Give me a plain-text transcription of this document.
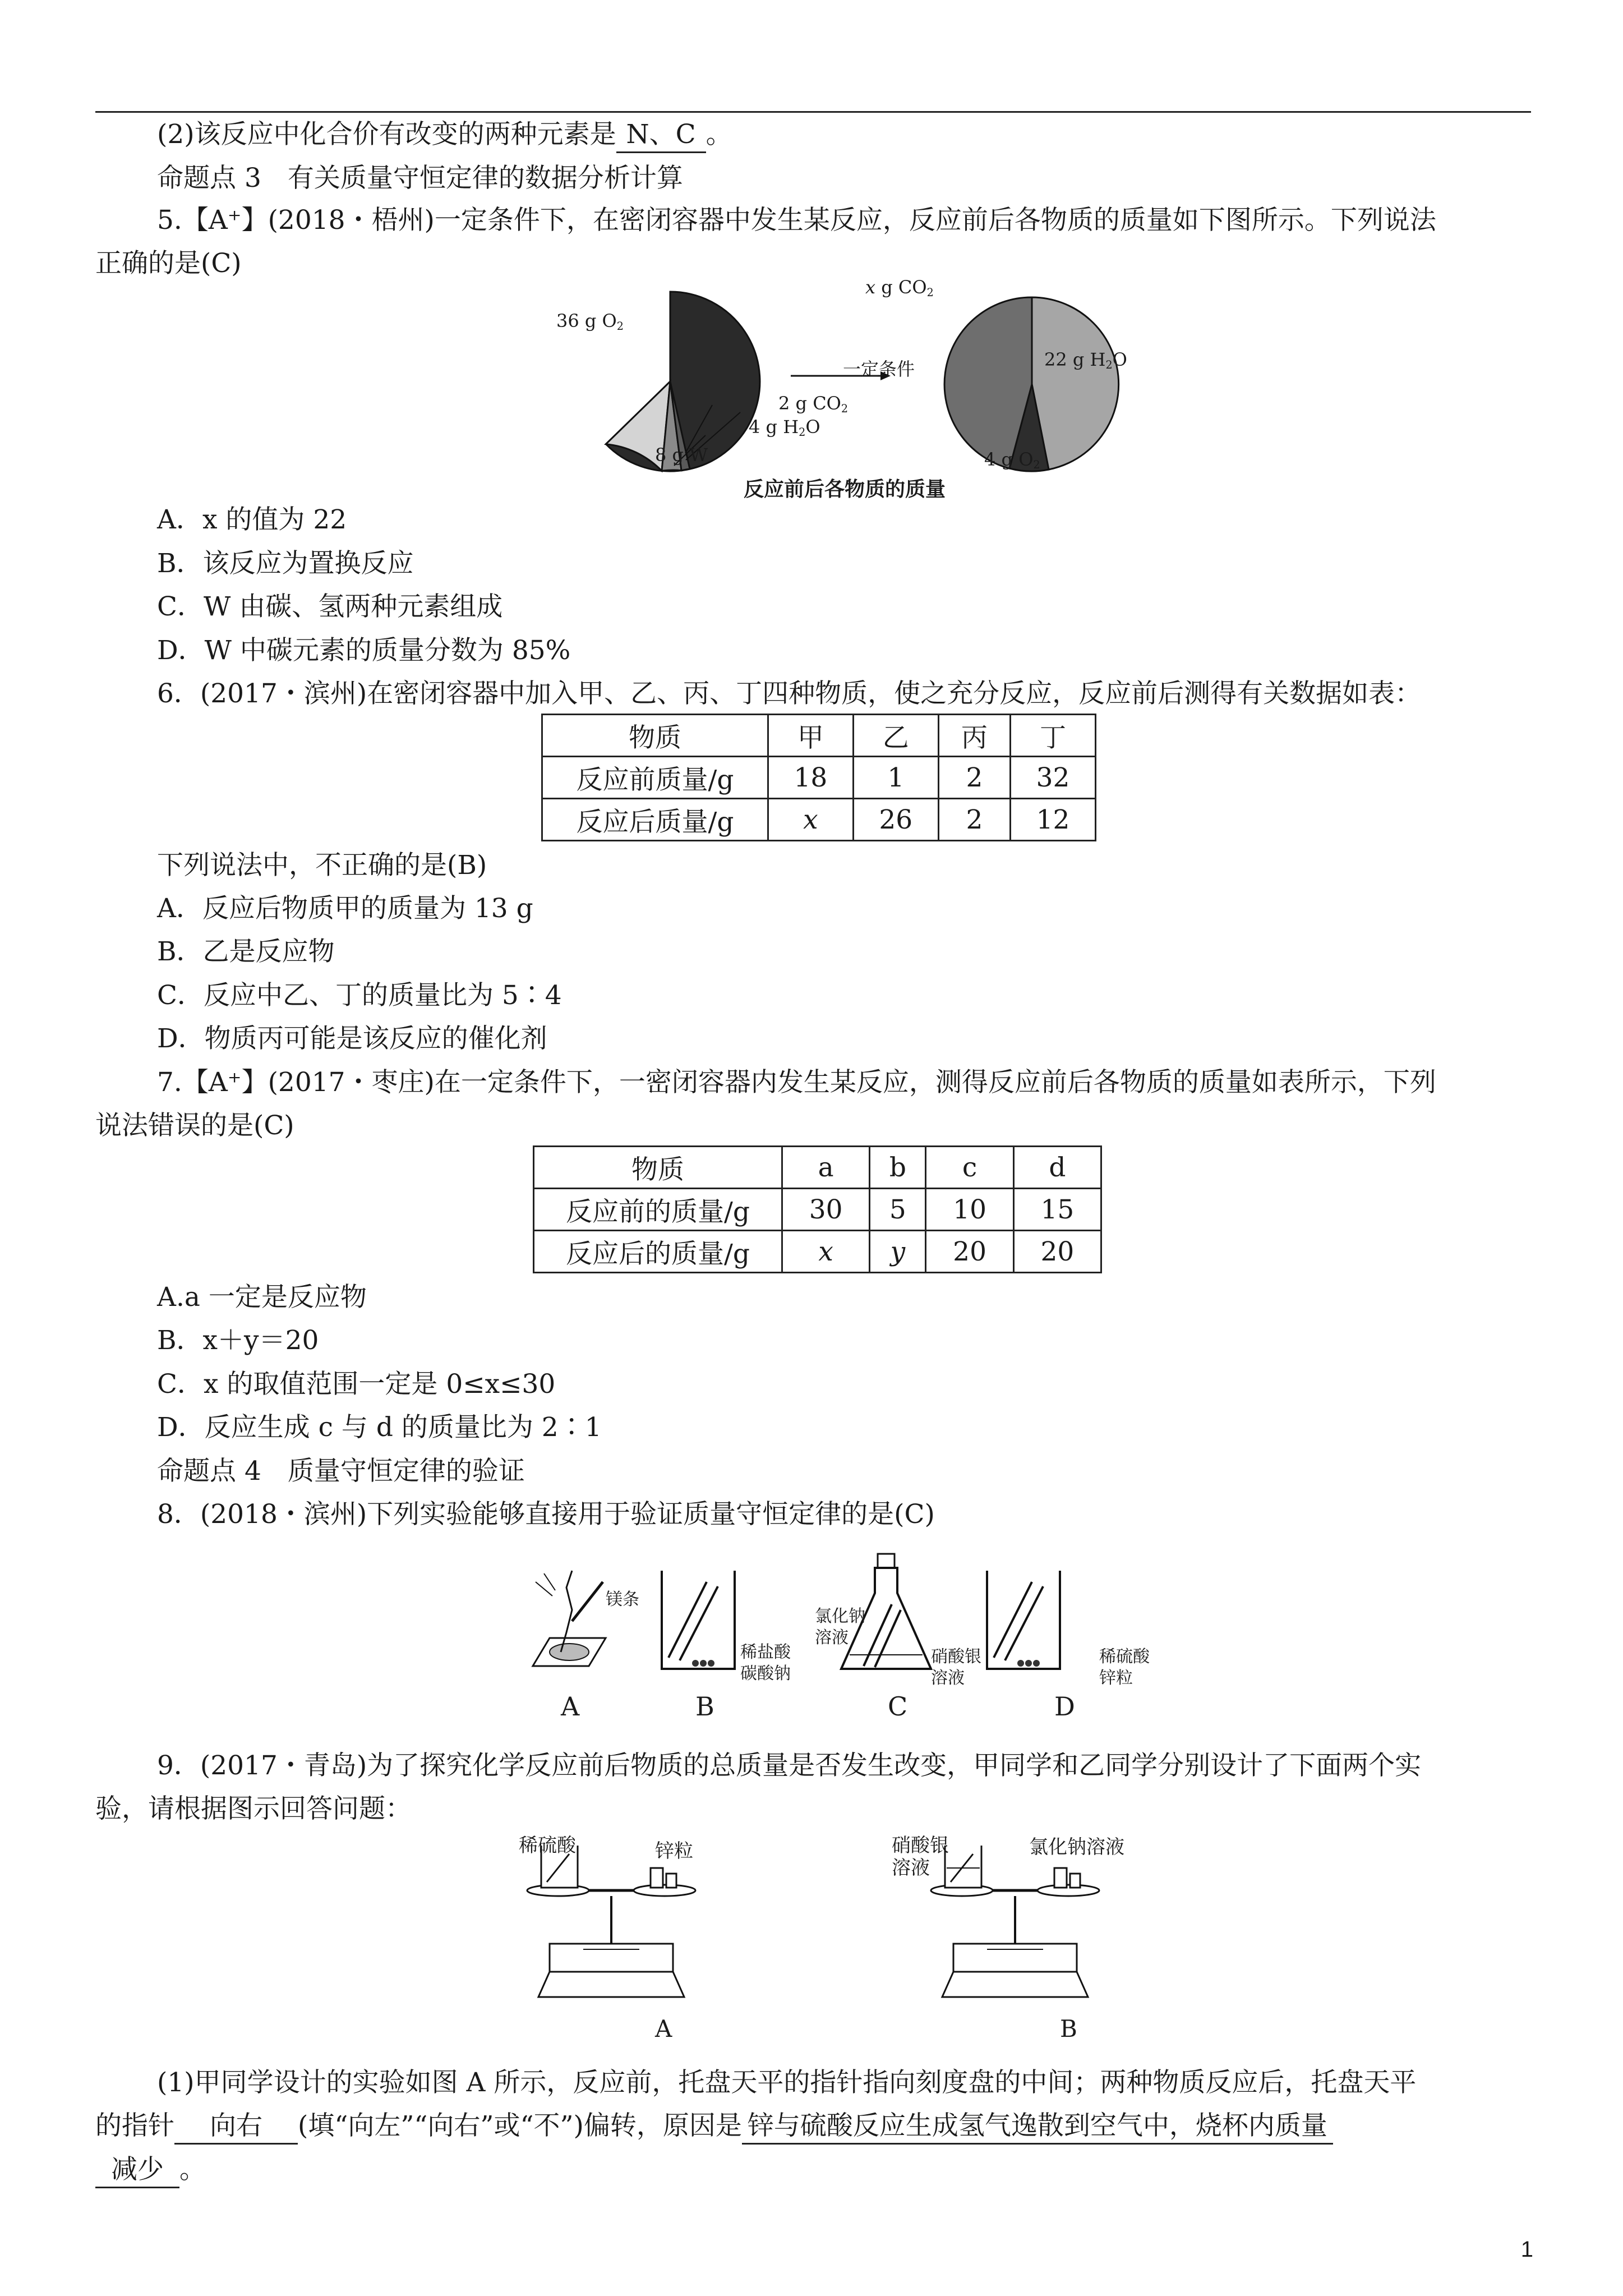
(2)该反应中化合价有改变的两种元素是 N、C 。
命题点 3　有关质量守恒定律的数据分析计算
5.【A⁺】(2018・梧州)一定条件下，在密闭容器中发生某反应，反应前后各物质的质量如下图所示。下列说法
正确的是(C)
36 g $O_2$
2 g $CO_2$
4 g $H_2O$
8 g W
一定条件
x g $CO_2$
22 g $H_2O$
4 g $O_2$
反应前后各物质的质量
A．x 的值为 22
B．该反应为置换反应
C．W 由碳、氢两种元素组成
D．W 中碳元素的质量分数为 85%
6．(2017・滨州)在密闭容器中加入甲、乙、丙、丁四种物质，使之充分反应，反应前后测得有关数据如表：
物质	甲	乙	丙	丁
反应前质量/g	18	1	2	32
反应后质量/g	x	26	2	12
下列说法中，不正确的是(B)
A．反应后物质甲的质量为 13 g
B．乙是反应物
C．反应中乙、丁的质量比为 5∶4
D．物质丙可能是该反应的催化剂
7.【A⁺】(2017・枣庄)在一定条件下，一密闭容器内发生某反应，测得反应前后各物质的质量如表所示，下列
说法错误的是(C)
物质	a	b	c	d
反应前的质量/g	30	5	10	15
反应后的质量/g	x	y	20	20
A.a 一定是反应物
B．x＋y＝20
C．x 的取值范围一定是 0≤x≤30
D．反应生成 c 与 d 的质量比为 2∶1
命题点 4　质量守恒定律的验证
8．(2018・滨州)下列实验能够直接用于验证质量守恒定律的是(C)
镁条
稀盐酸
碳酸钠
氯化钠
溶液
硝酸银
溶液
稀硫酸
锌粒
A	B	C	D
9．(2017・青岛)为了探究化学反应前后物质的总质量是否发生改变，甲同学和乙同学分别设计了下面两个实
验，请根据图示回答问题：
稀硫酸	锌粒	硝酸银
溶液
氯化钠溶液
A	B
(1)甲同学设计的实验如图 A 所示，反应前，托盘天平的指针指向刻度盘的中间；两种物质反应后，托盘天平
的指针 向右 (填“向左”“向右”或“不”)偏转，原因是 锌与硫酸反应生成氢气逸散到空气中，烧杯内质量
减少 。
1
